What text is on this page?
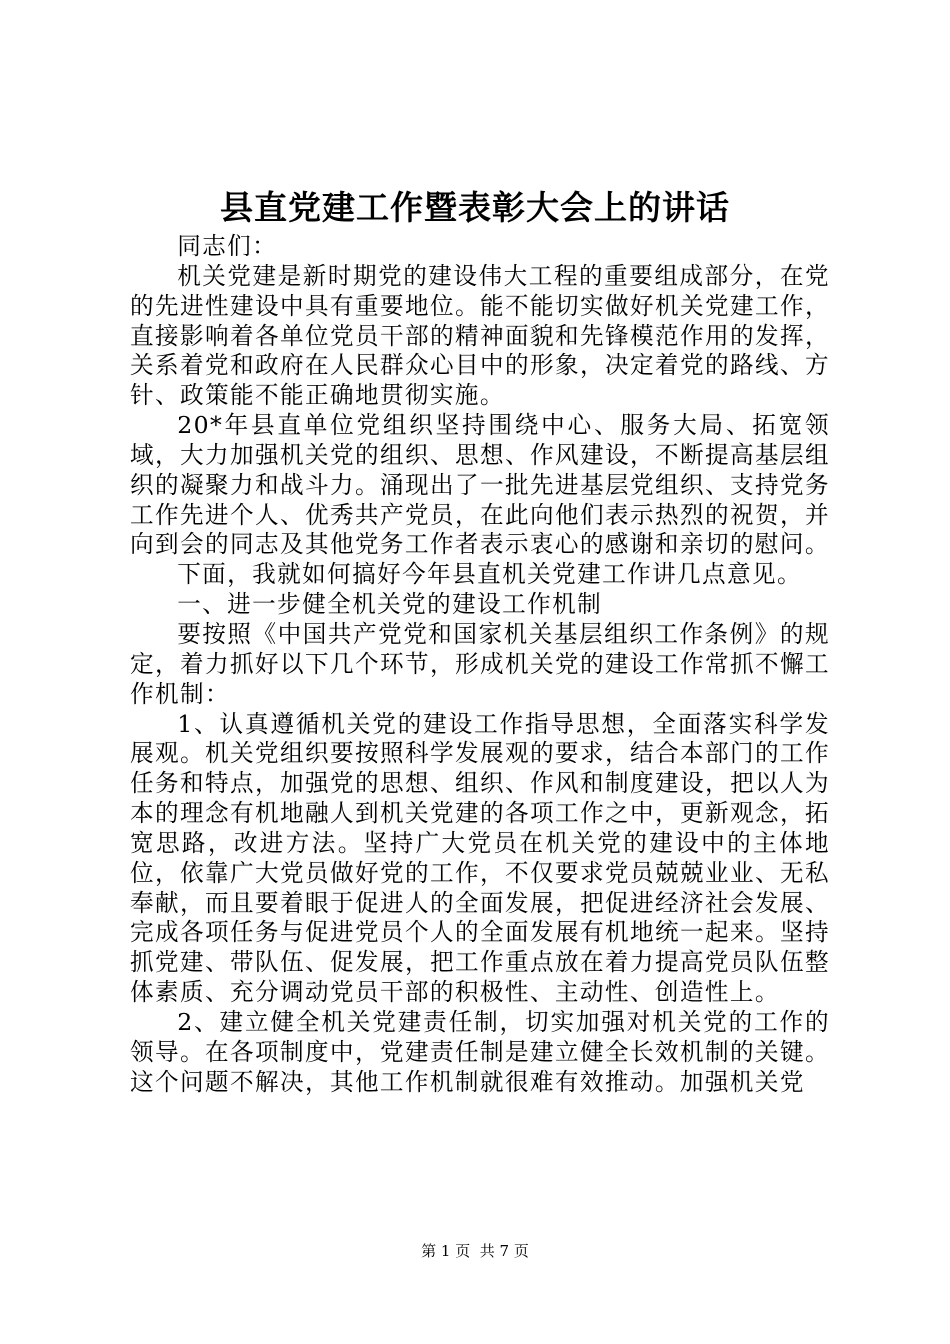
县直党建工作暨表彰大会上的讲话

同志们：

机关党建是新时期党的建设伟大工程的重要组成部分，在党的先进性建设中具有重要地位。能不能切实做好机关党建工作，直接影响着各单位党员干部的精神面貌和先锋模范作用的发挥，关系着党和政府在人民群众心目中的形象，决定着党的路线、方针、政策能不能正确地贯彻实施。

20*年县直单位党组织坚持围绕中心、服务大局、拓宽领域，大力加强机关党的组织、思想、作风建设，不断提高基层组织的凝聚力和战斗力。涌现出了一批先进基层党组织、支持党务工作先进个人、优秀共产党员，在此向他们表示热烈的祝贺，并向到会的同志及其他党务工作者表示衷心的感谢和亲切的慰问。

下面，我就如何搞好今年县直机关党建工作讲几点意见。

一、进一步健全机关党的建设工作机制

要按照《中国共产党党和国家机关基层组织工作条例》的规定，着力抓好以下几个环节，形成机关党的建设工作常抓不懈工作机制：

1、认真遵循机关党的建设工作指导思想，全面落实科学发展观。机关党组织要按照科学发展观的要求，结合本部门的工作任务和特点，加强党的思想、组织、作风和制度建设，把以人为本的理念有机地融人到机关党建的各项工作之中，更新观念，拓宽思路，改进方法。坚持广大党员在机关党的建设中的主体地位，依靠广大党员做好党的工作，不仅要求党员兢兢业业、无私奉献，而且要着眼于促进人的全面发展，把促进经济社会发展、完成各项任务与促进党员个人的全面发展有机地统一起来。坚持抓党建、带队伍、促发展，把工作重点放在着力提高党员队伍整体素质、充分调动党员干部的积极性、主动性、创造性上。

2、建立健全机关党建责任制，切实加强对机关党的工作的领导。在各项制度中，党建责任制是建立健全长效机制的关键。这个问题不解决，其他工作机制就很难有效推动。加强机关党

第 1 页  共 7 页
